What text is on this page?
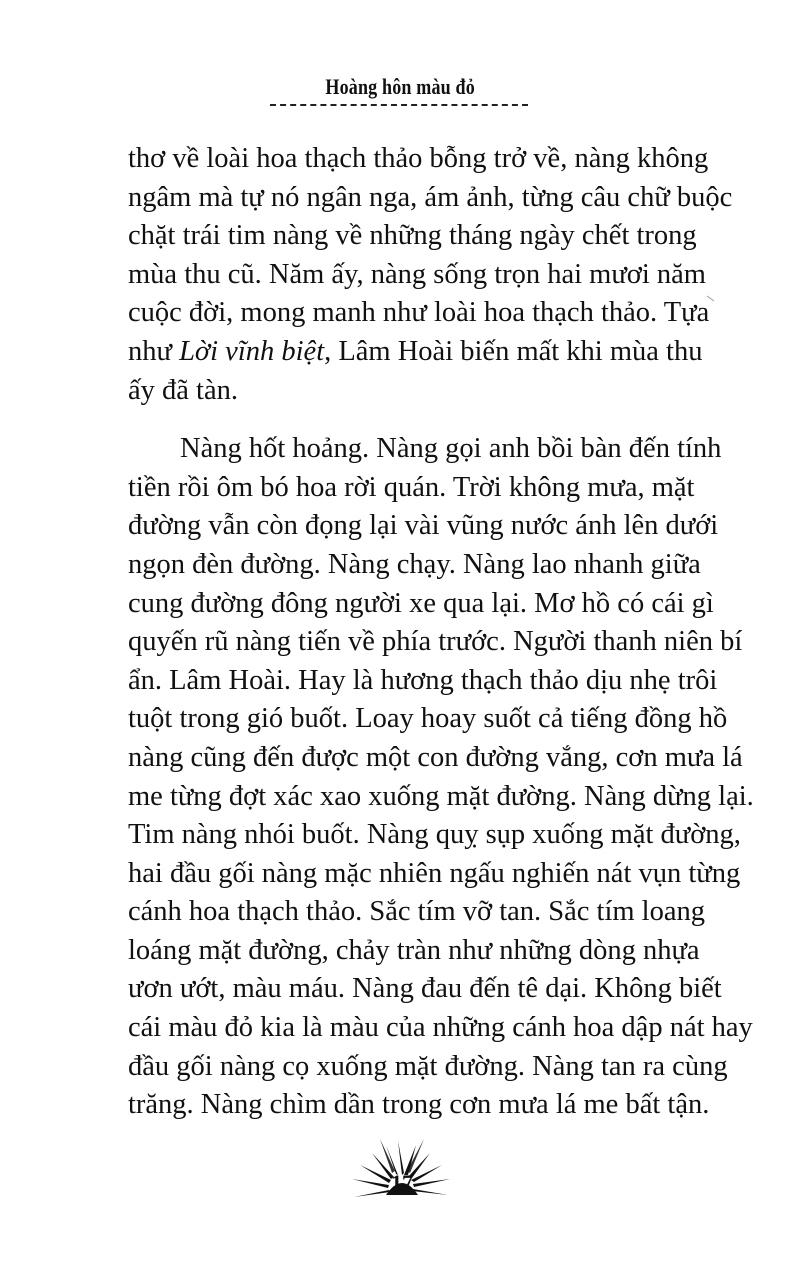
Hoàng hôn màu đỏ

thơ về loài hoa thạch thảo bỗng trở về, nàng không
ngâm mà tự nó ngân nga, ám ảnh, từng câu chữ buộc
chặt trái tim nàng về những tháng ngày chết trong
mùa thu cũ. Năm ấy, nàng sống trọn hai mươi năm
cuộc đời, mong manh như loài hoa thạch thảo. Tựa
như Lời vĩnh biệt, Lâm Hoài biến mất khi mùa thu
ấy đã tàn.

Nàng hốt hoảng. Nàng gọi anh bồi bàn đến tính
tiền rồi ôm bó hoa rời quán. Trời không mưa, mặt
đường vẫn còn đọng lại vài vũng nước ánh lên dưới
ngọn đèn đường. Nàng chạy. Nàng lao nhanh giữa
cung đường đông người xe qua lại. Mơ hồ có cái gì
quyến rũ nàng tiến về phía trước. Người thanh niên bí
ẩn. Lâm Hoài. Hay là hương thạch thảo dịu nhẹ trôi
tuột trong gió buốt. Loay hoay suốt cả tiếng đồng hồ
nàng cũng đến được một con đường vắng, cơn mưa lá
me từng đợt xác xao xuống mặt đường. Nàng dừng lại.
Tim nàng nhói buốt. Nàng quỵ sụp xuống mặt đường,
hai đầu gối nàng mặc nhiên ngấu nghiến nát vụn từng
cánh hoa thạch thảo. Sắc tím vỡ tan. Sắc tím loang
loáng mặt đường, chảy tràn như những dòng nhựa
ươn ướt, màu máu. Nàng đau đến tê dại. Không biết
cái màu đỏ kia là màu của những cánh hoa dập nát hay
đầu gối nàng cọ xuống mặt đường. Nàng tan ra cùng
trăng. Nàng chìm dần trong cơn mưa lá me bất tận.

17
